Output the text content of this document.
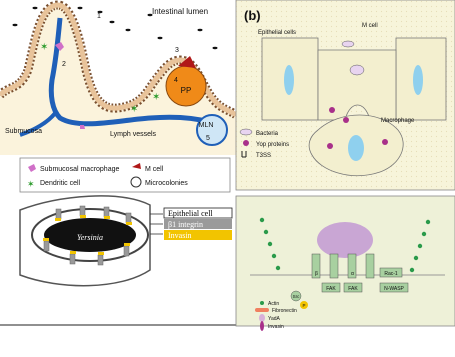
PP
MLN
✶
✶
✶
1
2
3
4
5
Intestinal lumen
Submucosa	Lymph vessels
Submucosal macrophage	M cell
✶ Dendritic cell	Microcolonies
Yersinia
Epithelial cell
β1 integrin
Invasin
(b)
Epithelial cells
M cell
Macrophage
Bacteria
Yop proteins
T3SS
β	α
FAK	FAK
Rac-1
N-WASP
Src
P
Actin
Fibronectin
YadA
Invasin
